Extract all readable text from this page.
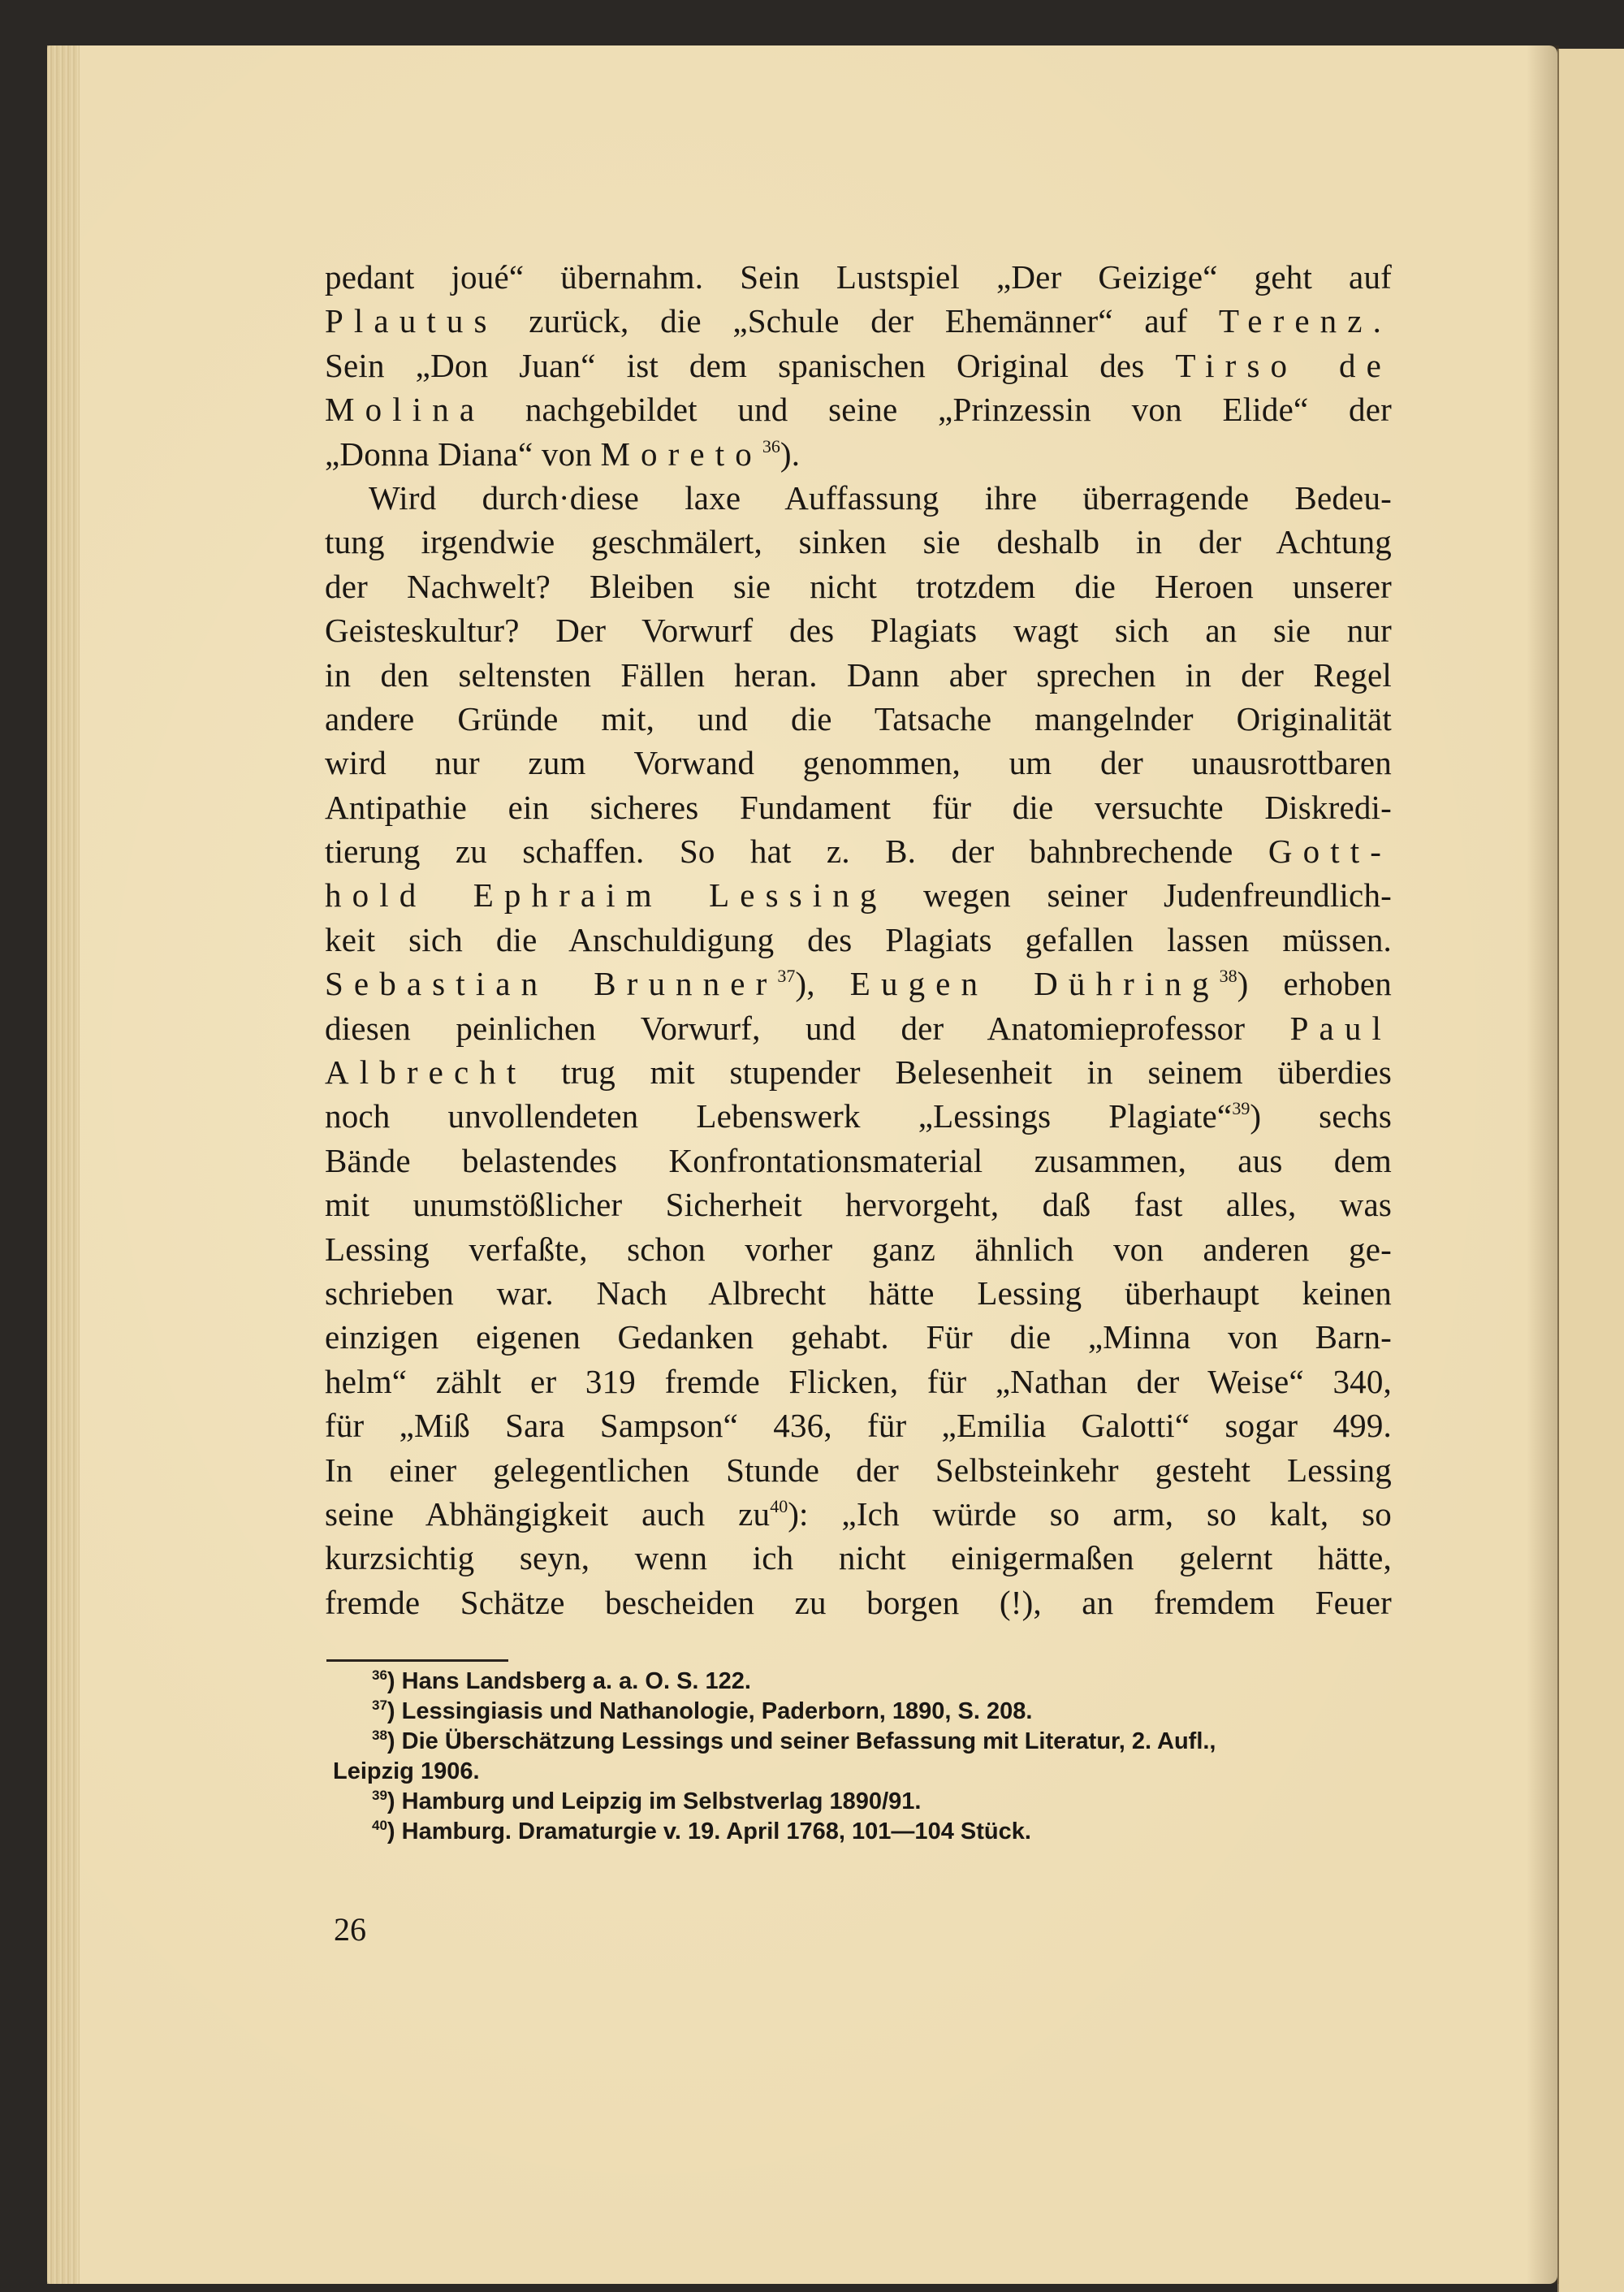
pedant joué“ übernahm. Sein Lustspiel „Der Geizige“ geht auf
Plautus zurück, die „Schule der Ehemänner“ auf Terenz.
Sein „Don Juan“ ist dem spanischen Original des Tirso de
Molina nachgebildet und seine „Prinzessin von Elide“ der
„Donna Diana“ von Moreto$^{36}$).
Wird durch·diese laxe Auffassung ihre überragende Bedeu-
tung irgendwie geschmälert, sinken sie deshalb in der Achtung
der Nachwelt? Bleiben sie nicht trotzdem die Heroen unserer
Geisteskultur? Der Vorwurf des Plagiats wagt sich an sie nur
in den seltensten Fällen heran. Dann aber sprechen in der Regel
andere Gründe mit, und die Tatsache mangelnder Originalität
wird nur zum Vorwand genommen, um der unausrottbaren
Antipathie ein sicheres Fundament für die versuchte Diskredi-
tierung zu schaffen. So hat z. B. der bahnbrechende Gott-
hold Ephraim Lessing wegen seiner Judenfreundlich-
keit sich die Anschuldigung des Plagiats gefallen lassen müssen.
Sebastian Brunner$^{37}$), Eugen Dühring$^{38}$) erhoben
diesen peinlichen Vorwurf, und der Anatomieprofessor Paul
Albrecht trug mit stupender Belesenheit in seinem überdies
noch unvollendeten Lebenswerk „Lessings Plagiate“$^{39}$) sechs
Bände belastendes Konfrontationsmaterial zusammen, aus dem
mit unumstößlicher Sicherheit hervorgeht, daß fast alles, was
Lessing verfaßte, schon vorher ganz ähnlich von anderen ge-
schrieben war. Nach Albrecht hätte Lessing überhaupt keinen
einzigen eigenen Gedanken gehabt. Für die „Minna von Barn-
helm“ zählt er 319 fremde Flicken, für „Nathan der Weise“ 340,
für „Miß Sara Sampson“ 436, für „Emilia Galotti“ sogar 499.
In einer gelegentlichen Stunde der Selbsteinkehr gesteht Lessing
seine Abhängigkeit auch $zu^{40}$): „Ich würde so arm, so kalt, so
kurzsichtig seyn, wenn ich nicht einigermaßen gelernt hätte,
fremde Schätze bescheiden zu borgen (!), an fremdem Feuer
$^{36}$) Hans Landsberg a. a. O. S. 122.
$^{37}$) Lessingiasis und Nathanologie, Paderborn, 1890, S. 208.
$^{38}$) Die Überschätzung Lessings und seiner Befassung mit Literatur, 2. Aufl.,
Leipzig 1906.
$^{39}$) Hamburg und Leipzig im Selbstverlag 1890/91.
$^{40}$) Hamburg. Dramaturgie v. 19. April 1768, 101—104 Stück.
26
